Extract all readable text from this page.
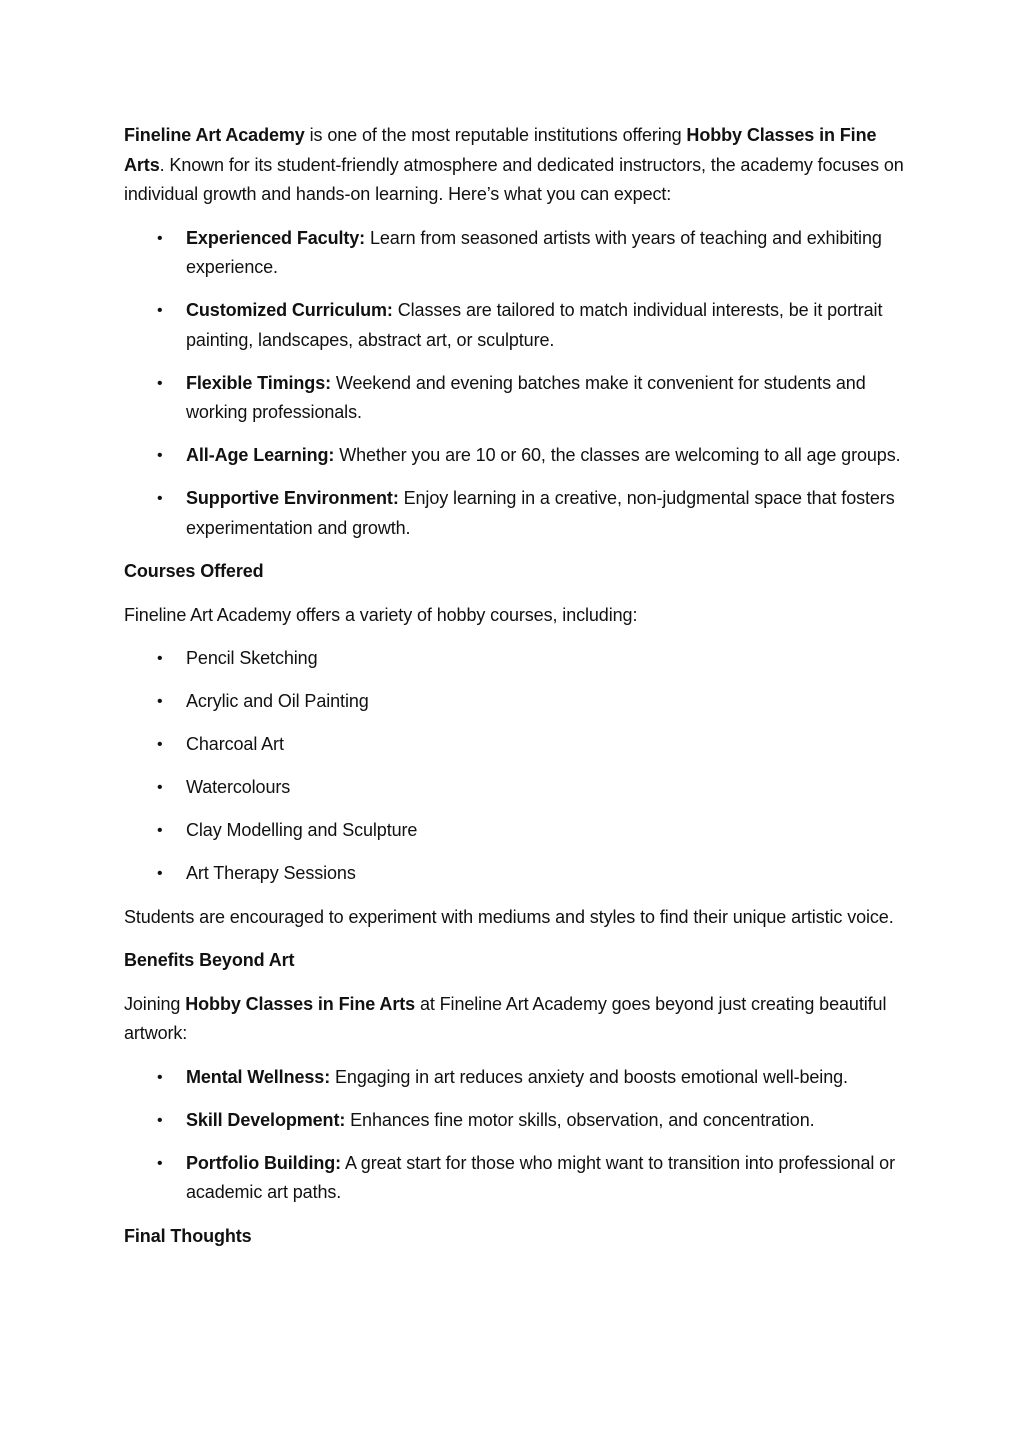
Fineline Art Academy is one of the most reputable institutions offering Hobby Classes in Fine Arts. Known for its student-friendly atmosphere and dedicated instructors, the academy focuses on individual growth and hands-on learning. Here’s what you can expect:

• Experienced Faculty: Learn from seasoned artists with years of teaching and exhibiting experience.
• Customized Curriculum: Classes are tailored to match individual interests, be it portrait painting, landscapes, abstract art, or sculpture.
• Flexible Timings: Weekend and evening batches make it convenient for students and working professionals.
• All-Age Learning: Whether you are 10 or 60, the classes are welcoming to all age groups.
• Supportive Environment: Enjoy learning in a creative, non-judgmental space that fosters experimentation and growth.

Courses Offered

Fineline Art Academy offers a variety of hobby courses, including:

• Pencil Sketching
• Acrylic and Oil Painting
• Charcoal Art
• Watercolours
• Clay Modelling and Sculpture
• Art Therapy Sessions

Students are encouraged to experiment with mediums and styles to find their unique artistic voice.

Benefits Beyond Art

Joining Hobby Classes in Fine Arts at Fineline Art Academy goes beyond just creating beautiful artwork:

• Mental Wellness: Engaging in art reduces anxiety and boosts emotional well-being.
• Skill Development: Enhances fine motor skills, observation, and concentration.
• Portfolio Building: A great start for those who might want to transition into professional or academic art paths.

Final Thoughts
